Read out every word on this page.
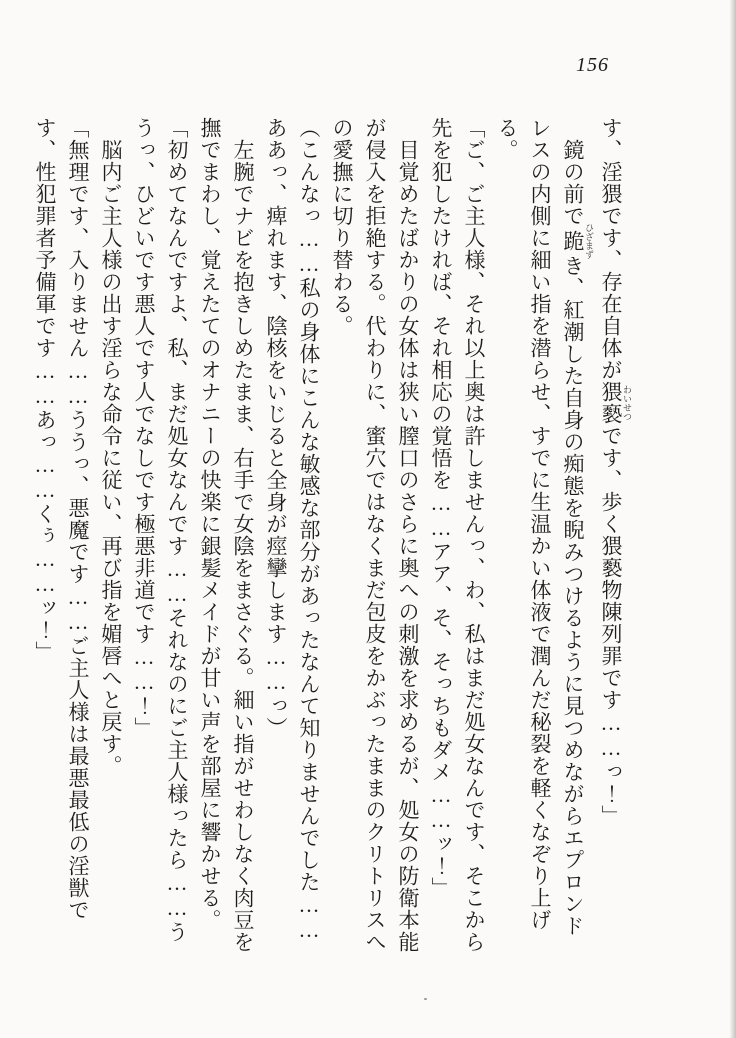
156

す、淫猥です、存在自体が猥褻 わいせつです、歩く猥褻物陳列罪です……っ！」

鏡の前で跪 ひざまずき、紅潮した自身の痴態を睨みつけるように見つめながらエプロンドレスの内側に細い指を潜らせ、すでに生温かい体液で潤んだ秘裂を軽くなぞり上げる。

「ご、ご主人様、それ以上奥は許しませんっ、わ、私はまだ処女なんです、そこから先を犯したければ、それ相応の覚悟を……アア、そ、そっちもダメ……ッ！」

目覚めたばかりの女体は狭い膣口のさらに奥への刺激を求めるが、処女の防衛本能が侵入を拒絶する。代わりに、蜜穴ではなくまだ包皮をかぶったままのクリトリスへの愛撫に切り替わる。

（こんなっ……私の身体にこんな敏感な部分があったなんて知りませんでした……ああっ、痺れます、陰核をいじると全身が痙攣します……っ）

左腕でナビを抱きしめたまま、右手で女陰をまさぐる。細い指がせわしなく肉豆を撫でまわし、覚えたてのオナニーの快楽に銀髪メイドが甘い声を部屋に響かせる。

「初めてなんですよ、私、まだ処女なんです……それなのにご主人様ったら……ううっ、ひどいです悪人です人でなしです極悪非道です……！」

脳内ご主人様の出す淫らな命令に従い、再び指を媚唇へと戻す。

「無理です、入りません……ううっ、悪魔です……ご主人様は最悪最低の淫獣です、性犯罪者予備軍です……あっ……くぅ……ッ！」
